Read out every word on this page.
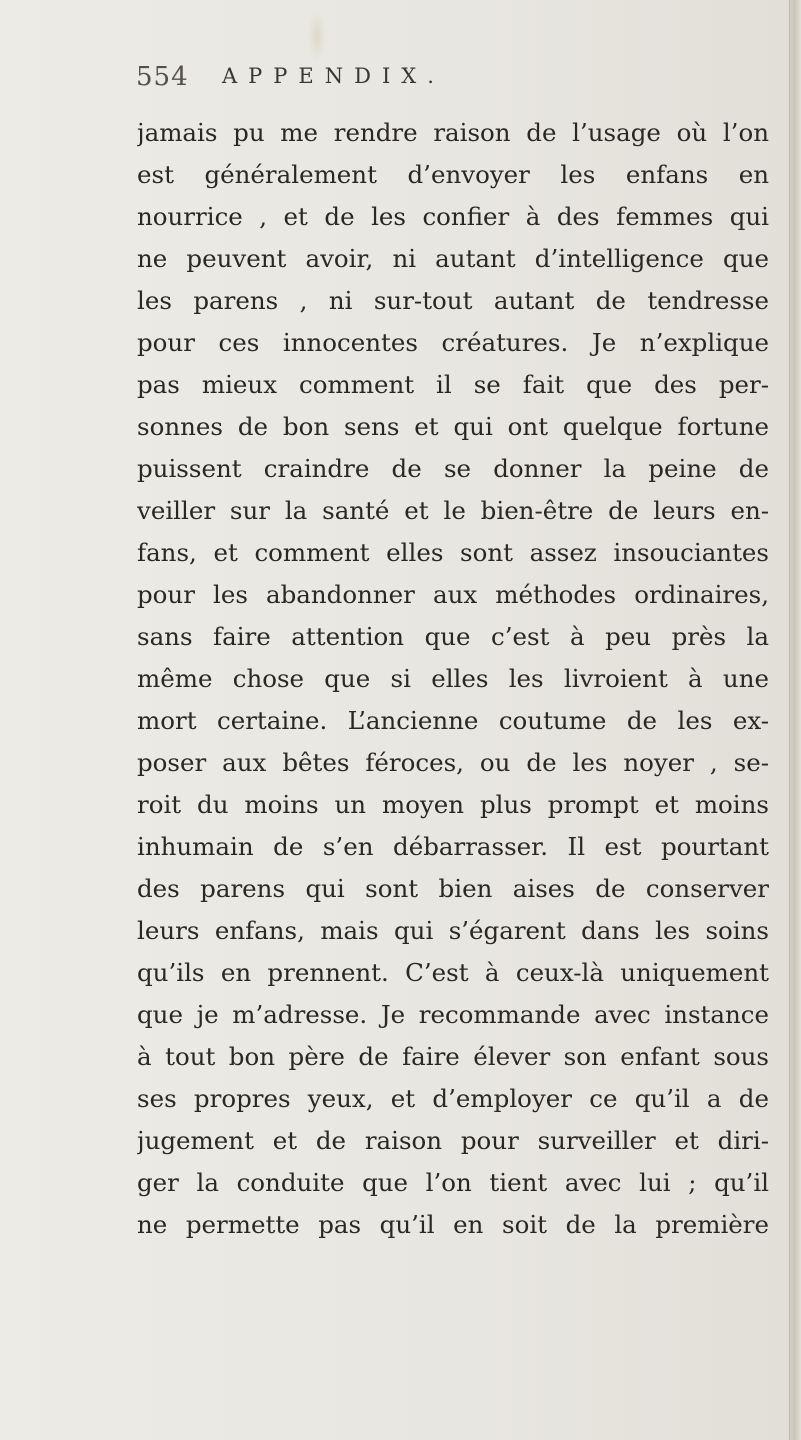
554 APPENDIX.
jamais pu me rendre raison de l’usage où l’on
est généralement d’envoyer les enfans en
nourrice , et de les confier à des femmes qui
ne peuvent avoir, ni autant d’intelligence que
les parens , ni sur-tout autant de tendresse
pour ces innocentes créatures. Je n’explique
pas mieux comment il se fait que des per-
sonnes de bon sens et qui ont quelque fortune
puissent craindre de se donner la peine de
veiller sur la santé et le bien-être de leurs en-
fans, et comment elles sont assez insouciantes
pour les abandonner aux méthodes ordinaires,
sans faire attention que c’est à peu près la
même chose que si elles les livroient à une
mort certaine. L’ancienne coutume de les ex-
poser aux bêtes féroces, ou de les noyer , se-
roit du moins un moyen plus prompt et moins
inhumain de s’en débarrasser. Il est pourtant
des parens qui sont bien aises de conserver
leurs enfans, mais qui s’égarent dans les soins
qu’ils en prennent. C’est à ceux-là uniquement
que je m’adresse. Je recommande avec instance
à tout bon père de faire élever son enfant sous
ses propres yeux, et d’employer ce qu’il a de
jugement et de raison pour surveiller et diri-
ger la conduite que l’on tient avec lui ; qu’il
ne permette pas qu’il en soit de la première
